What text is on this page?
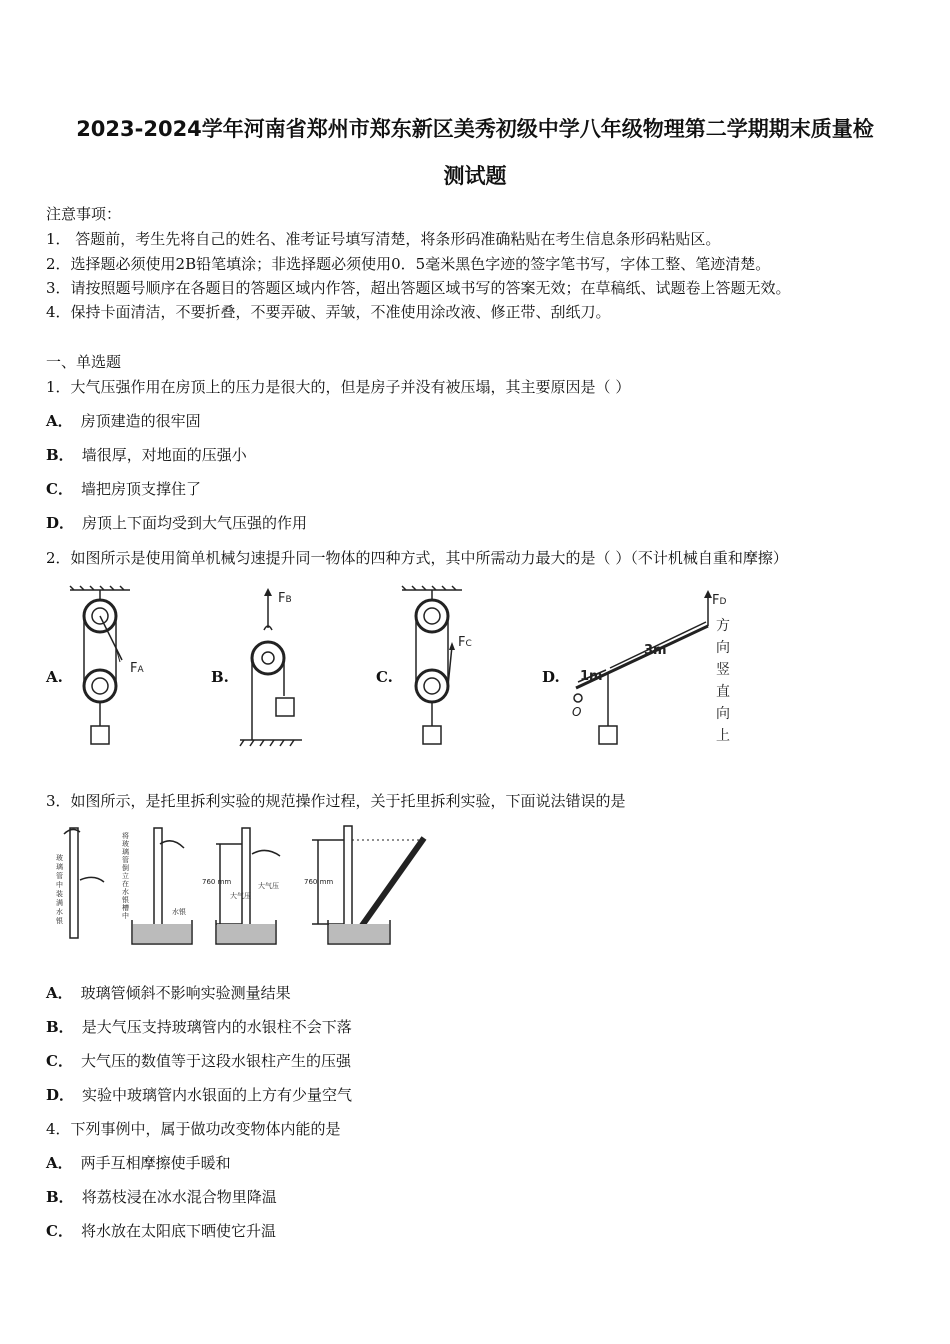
2023-2024学年河南省郑州市郑东新区美秀初级中学八年级物理第二学期期末质量检
测试题
注意事项：
1． 答题前，考生先将自己的姓名、准考证号填写清楚，将条形码准确粘贴在考生信息条形码粘贴区。
2．选择题必须使用2B铅笔填涂；非选择题必须使用0．5毫米黑色字迹的签字笔书写，字体工整、笔迹清楚。
3．请按照题号顺序在各题目的答题区域内作答，超出答题区域书写的答案无效；在草稿纸、试题卷上答题无效。
4．保持卡面清洁，不要折叠，不要弄破、弄皱，不准使用涂改液、修正带、刮纸刀。
一、单选题
1．大气压强作用在房顶上的压力是很大的，但是房子并没有被压塌，其主要原因是（ ）
A． 房顶建造的很牢固
B． 墙很厚，对地面的压强小
C． 墙把房顶支撑住了
D． 房顶上下面均受到大气压强的作用
2．如图所示是使用简单机械匀速提升同一物体的四种方式，其中所需动力最大的是（ ）（不计机械自重和摩擦）
A.	B.	C.	D.
FA
FB
FC
O
1m
3m
FD
方
向
竖
直
向
上
3．如图所示，是托里拆利实验的规范操作过程，关于托里拆利实验，下面说法错误的是
玻
璃
管
中
装
满
水
银
将
玻
璃
管
倒
立
在
水
银
槽
中	水银
760 mm	760 mm
大气压
大气压
A． 玻璃管倾斜不影响实验测量结果
B． 是大气压支持玻璃管内的水银柱不会下落
C． 大气压的数值等于这段水银柱产生的压强
D． 实验中玻璃管内水银面的上方有少量空气
4．下列事例中，属于做功改变物体内能的是
A． 两手互相摩擦使手暖和
B． 将荔枝浸在冰水混合物里降温
C． 将水放在太阳底下晒使它升温
